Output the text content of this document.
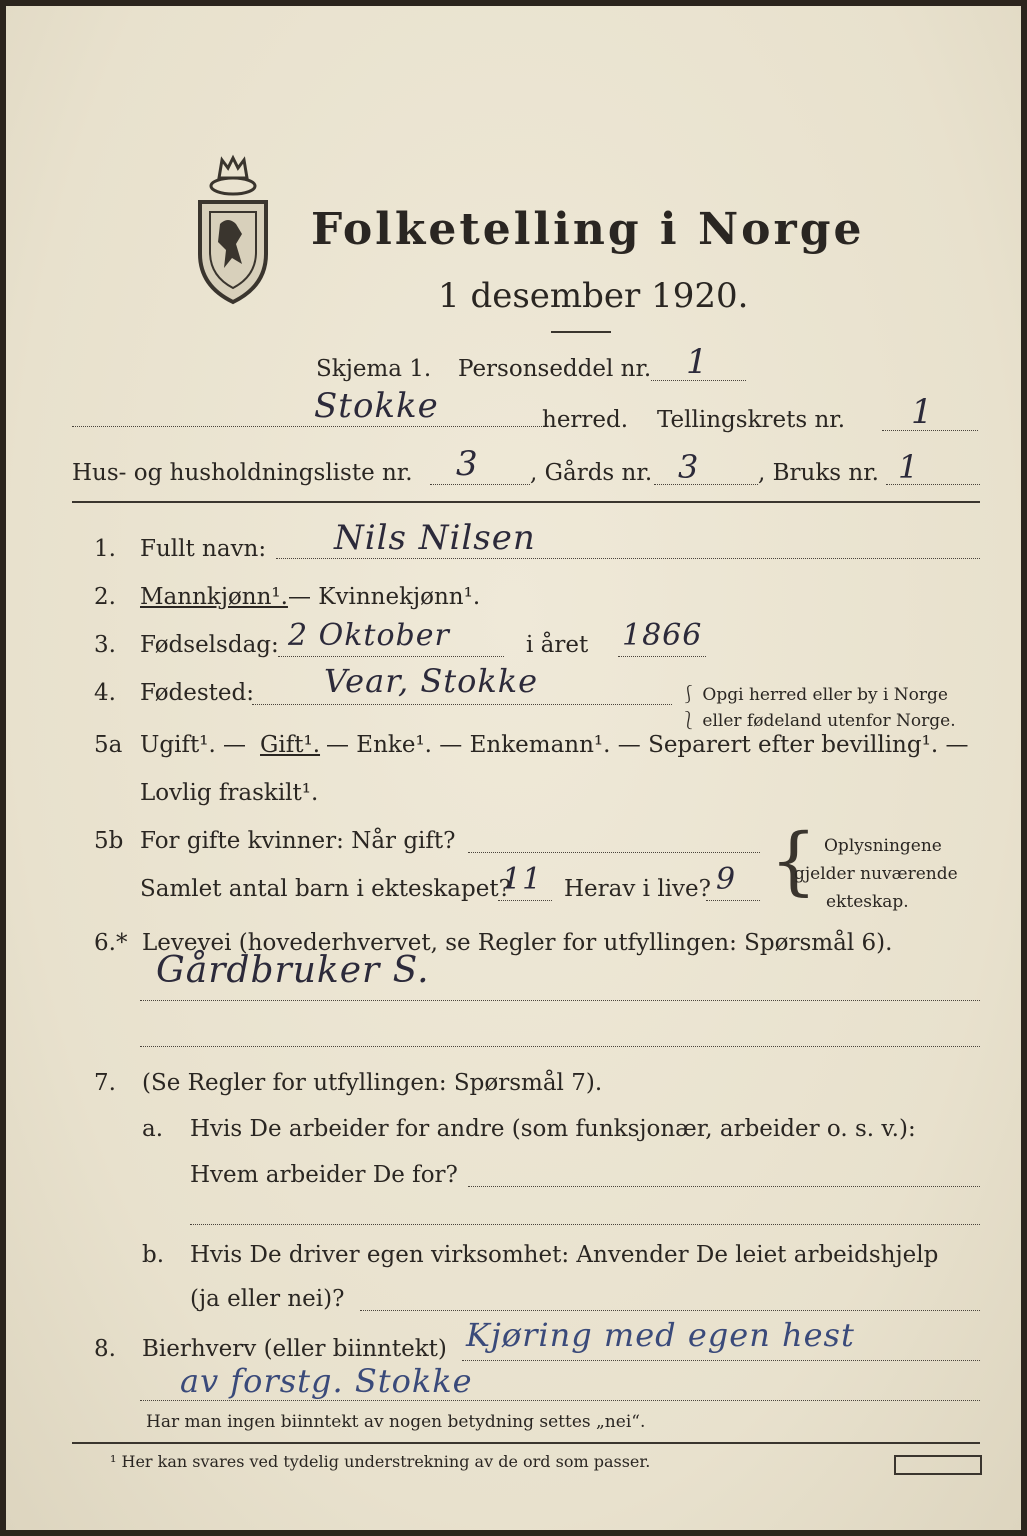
Folketelling i Norge
1 desember 1920.
Skjema 1. Personseddel nr. 1
Stokke	herred. Tellingskrets nr. 1
Hus- og husholdningsliste nr. 3 , Gårds nr. 3	, Bruks nr. 1
1. Fullt navn: Nils Nilsen
2. Mannkjønn¹. — Kvinnekjønn¹.
3. Fødselsdag: 2 Oktober	i året 1866
4. Fødested: Vear, Stokke	⎰ Opgi herred eller by i Norge
⎱ eller fødeland utenfor Norge.
5a Ugift¹. — Gift¹. — Enke¹. — Enkemann¹. — Separert efter bevilling¹. —
Lovlig fraskilt¹.
5b For gifte kvinner: Når gift?
Samlet antal barn i ekteskapet?
11 Herav i live? 9 { Oplysningene
gjelder nuværende
ekteskap.
6.* Levevei (hovederhvervet, se Regler for utfyllingen: Spørsmål 6).
Gårdbruker S.
7. (Se Regler for utfyllingen: Spørsmål 7).
a. Hvis De arbeider for andre (som funksjonær, arbeider o. s. v.):
Hvem arbeider De for?
b. Hvis De driver egen virksomhet: Anvender De leiet arbeidshjelp
(ja eller nei)?
8. Bierhverv (eller biinntekt) Kjøring med egen hest
av forstg. Stokke
Har man ingen biinntekt av nogen betydning settes „nei“.
¹ Her kan svares ved tydelig understrekning av de ord som passer.
